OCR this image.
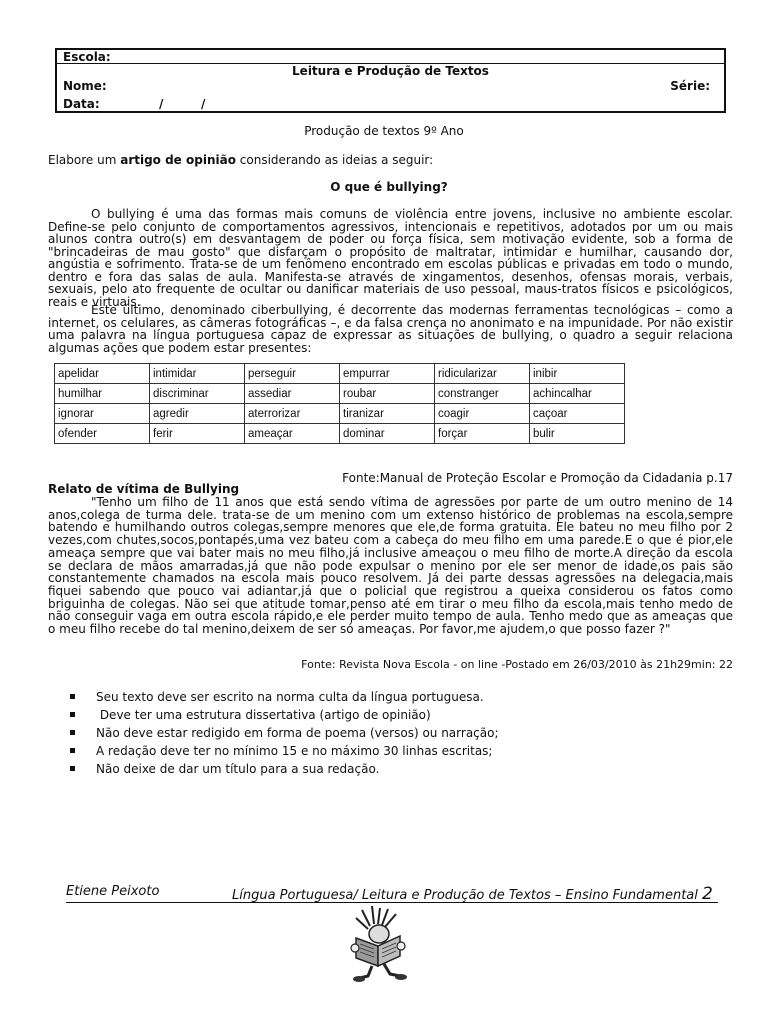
Escola:
Leitura e Produção de Textos
Nome:	Série:
Data:	/         /

Produção de textos 9º Ano

Elabore um artigo de opinião considerando as ideias a seguir:

O que é bullying?

O bullying é uma das formas mais comuns de violência entre jovens, inclusive no ambiente escolar. Define-se pelo conjunto de comportamentos agressivos, intencionais e repetitivos, adotados por um ou mais alunos contra outro(s) em desvantagem de poder ou força física, sem motivação evidente, sob a forma de "brincadeiras de mau gosto" que disfarçam o propósito de maltratar, intimidar e humilhar, causando dor, angústia e sofrimento. Trata-se de um fenômeno encontrado em escolas públicas e privadas em todo o mundo, dentro e fora das salas de aula. Manifesta-se através de xingamentos, desenhos, ofensas morais, verbais, sexuais, pelo ato frequente de ocultar ou danificar materiais de uso pessoal, maus-tratos físicos e psicológicos, reais e virtuais.

Este último, denominado ciberbullying, é decorrente das modernas ferramentas tecnológicas – como a internet, os celulares, as câmeras fotográficas –, e da falsa crença no anonimato e na impunidade. Por não existir uma palavra na língua portuguesa capaz de expressar as situações de bullying, o quadro a seguir relaciona algumas ações que podem estar presentes:

apelidar	intimidar	perseguir	empurrar	ridicularizar	inibir
humilhar	discriminar	assediar	roubar	constranger	achincalhar
ignorar	agredir	aterrorizar	tiranizar	coagir	caçoar
ofender	ferir	ameaçar	dominar	forçar	bulir

Fonte:Manual de Proteção Escolar e Promoção da Cidadania p.17

Relato de vítima de Bullying

"Tenho um filho de 11 anos que está sendo vítima de agressões por parte de um outro menino de 14 anos,colega de turma dele. trata-se de um menino com um extenso histórico de problemas na escola,sempre batendo e humilhando outros colegas,sempre menores que ele,de forma gratuita. Ele bateu no meu filho por 2 vezes,com chutes,socos,pontapés,uma vez bateu com a cabeça do meu filho em uma parede.E o que é pior,ele ameaça sempre que vai bater mais no meu filho,já inclusive ameaçou o meu filho de morte.A direção da escola se declara de mãos amarradas,já que não pode expulsar o menino por ele ser menor de idade,os pais são constantemente chamados na escola mais pouco resolvem. Já dei parte dessas agressões na delegacia,mais fiquei sabendo que pouco vai adiantar,já que o policial que registrou a queixa considerou os fatos como briguinha de colegas. Não sei que atitude tomar,penso até em tirar o meu filho da escola,mais tenho medo de não conseguir vaga em outra escola rápido,e ele perder muito tempo de aula. Tenho medo que as ameaças que o meu filho recebe do tal menino,deixem de ser só ameaças. Por favor,me ajudem,o que posso fazer ?"

Fonte: Revista Nova Escola - on line -Postado em 26/03/2010 às 21h29min: 22

Seu texto deve ser escrito na norma culta da língua portuguesa.
Deve ter uma estrutura dissertativa (artigo de opinião)
Não deve estar redigido em forma de poema (versos) ou narração;
A redação deve ter no mínimo 15 e no máximo 30 linhas escritas;
Não deixe de dar um título para a sua redação.
Etiene Peixoto	Língua Portuguesa/ Leitura e Produção de Textos – Ensino Fundamental 2
